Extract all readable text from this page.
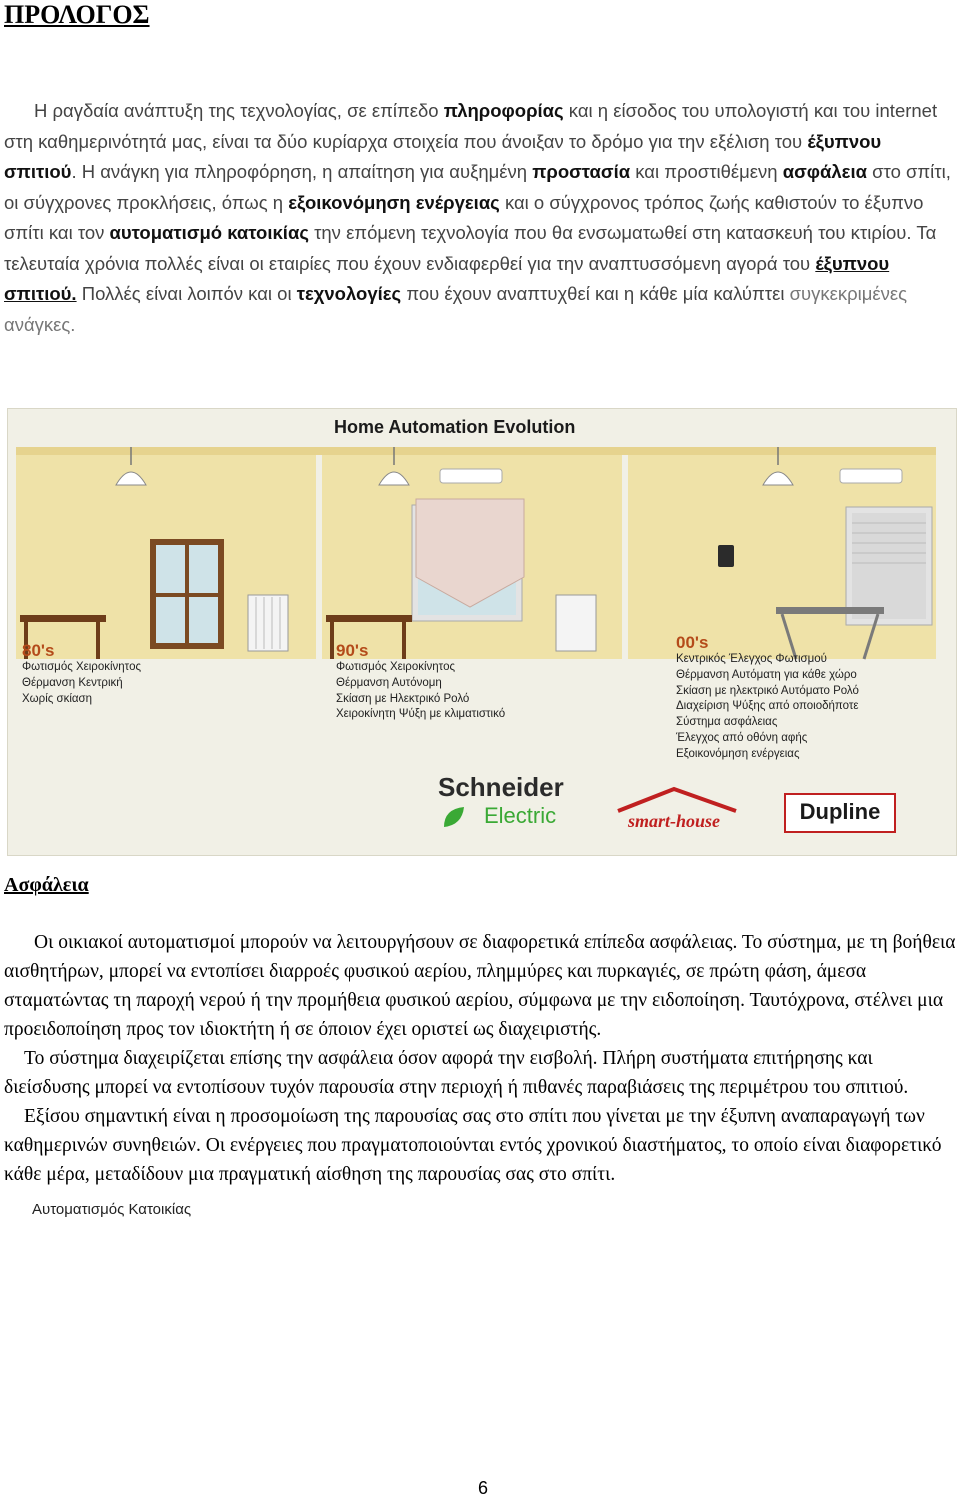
ΠΡΟΛΟΓΟΣ

Η ραγδαία ανάπτυξη της τεχνολογίας, σε επίπεδο πληροφορίας και η είσοδος του υπολογιστή και του internet στη καθημερινότητά μας, είναι τα δύο κυρίαρχα στοιχεία που άνοιξαν το δρόμο για την εξέλιση του έξυπνου σπιτιού. Η ανάγκη για πληροφόρηση, η απαίτηση για αυξημένη προστασία και προστιθέμενη ασφάλεια στο σπίτι, οι σύγχρονες προκλήσεις, όπως η εξοικονόμηση ενέργειας και ο σύγχρονος τρόπος ζωής καθιστούν το έξυπνο σπίτι και τον αυτοματισμό κατοικίας την επόμενη τεχνολογία που θα ενσωματωθεί στη κατασκευή του κτιρίου. Τα τελευταία χρόνια πολλές είναι οι εταιρίες που έχουν ενδιαφερθεί για την αναπτυσσόμενη αγορά του έξυπνου σπιτιού. Πολλές είναι λοιπόν και οι τεχνολογίες που έχουν αναπτυχθεί και η κάθε μία καλύπτει συγκεκριμένες ανάγκες.

Home Automation Evolution
80's
Φωτισμός Χειροκίνητος
Θέρμανση Κεντρική
Χωρίς σκίαση
90's
Φωτισμός Χειροκίνητος
Θέρμανση Αυτόνομη
Σκίαση με Ηλεκτρικό Ρολό
Χειροκίνητη Ψύξη με κλιματιστικό
00's
Κεντρικός Έλεγχος Φωτισμού
Θέρμανση Αυτόματη για κάθε χώρο
Σκίαση με ηλεκτρικό Αυτόματο Ρολό
Διαχείριση Ψύξης από οποιοδήποτε
Σύστημα ασφάλειας
Έλεγχος από οθόνη αφής
Εξοικονόμηση ενέργειας
Αυτοματισμός Κατοικίας
Schneider
Electric	smart-house	Dupline
Ασφάλεια

Οι οικιακοί αυτοματισμοί μπορούν να λειτουργήσουν σε διαφορετικά επίπεδα ασφάλειας. Το σύστημα, με τη βοήθεια αισθητήρων, μπορεί να εντοπίσει διαρροές φυσικού αερίου, πλημμύρες και πυρκαγιές, σε πρώτη φάση, άμεσα σταματώντας τη παροχή νερού ή την προμήθεια φυσικού αερίου, σύμφωνα με την ειδοποίηση. Ταυτόχρονα, στέλνει μια προειδοποίηση προς τον ιδιοκτήτη ή σε όποιον έχει οριστεί ως διαχειριστής.

Το σύστημα διαχειρίζεται επίσης την ασφάλεια όσον αφορά την εισβολή. Πλήρη συστήματα επιτήρησης και διείσδυσης μπορεί να εντοπίσουν τυχόν παρουσία στην περιοχή ή πιθανές παραβιάσεις της περιμέτρου του σπιτιού.

Εξίσου σημαντική είναι η προσομοίωση της παρουσίας σας στο σπίτι που γίνεται με την έξυπνη αναπαραγωγή των καθημερινών συνηθειών. Οι ενέργειες που πραγματοποιούνται εντός χρονικού διαστήματος, το οποίο είναι διαφορετικό κάθε μέρα, μεταδίδουν μια πραγματική αίσθηση της παρουσίας σας στο σπίτι.

6
